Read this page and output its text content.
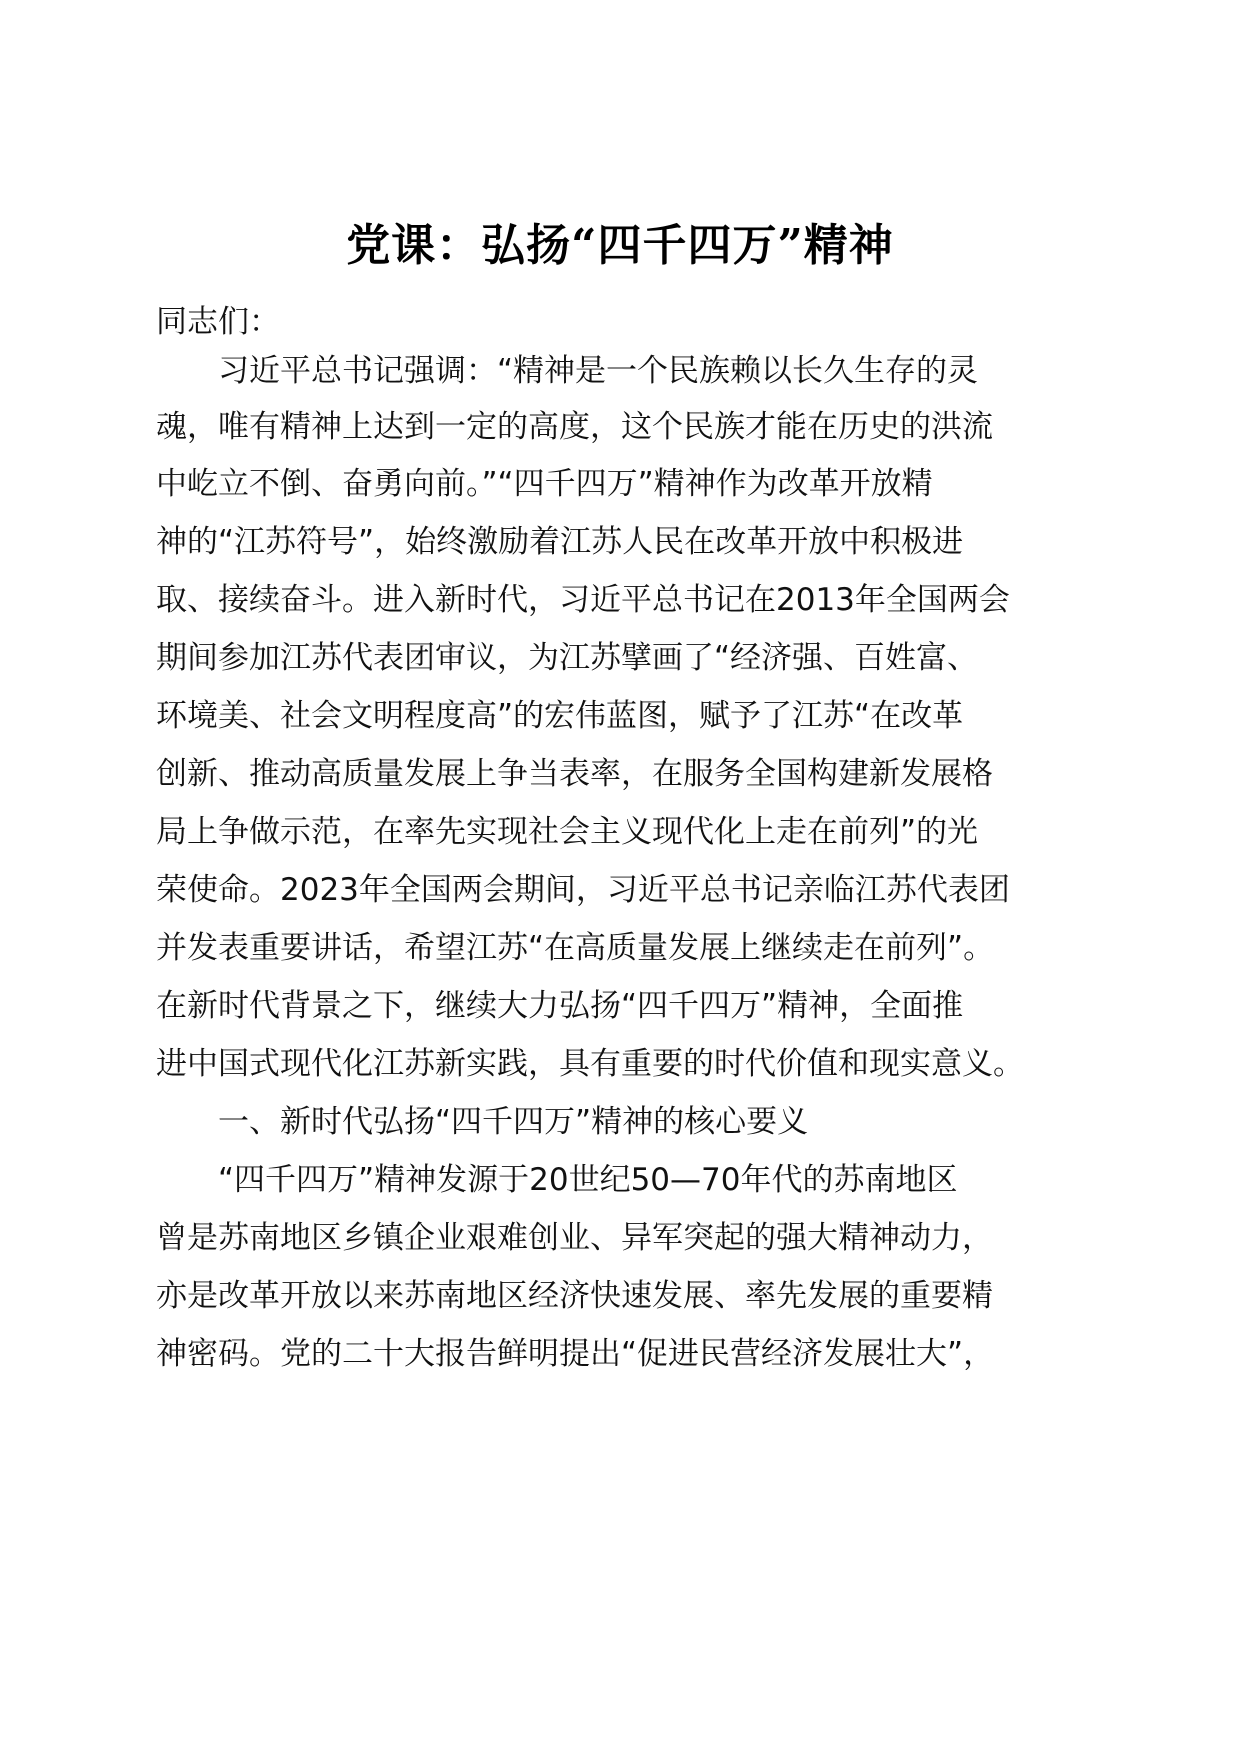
党课：弘扬“四千四万”精神
同志们：
习近平总书记强调：“精神是一个民族赖以长久生存的灵
魂，唯有精神上达到一定的高度，这个民族才能在历史的洪流
中屹立不倒、奋勇向前。”“四千四万”精神作为改革开放精
神的“江苏符号”，始终激励着江苏人民在改革开放中积极进
取、接续奋斗。进入新时代，习近平总书记在2013年全国两会
期间参加江苏代表团审议，为江苏擘画了“经济强、百姓富、
环境美、社会文明程度高”的宏伟蓝图，赋予了江苏“在改革
创新、推动高质量发展上争当表率，在服务全国构建新发展格
局上争做示范，在率先实现社会主义现代化上走在前列”的光
荣使命。2023年全国两会期间，习近平总书记亲临江苏代表团
并发表重要讲话，希望江苏“在高质量发展上继续走在前列”。
在新时代背景之下，继续大力弘扬“四千四万”精神，全面推
进中国式现代化江苏新实践，具有重要的时代价值和现实意义。
一、新时代弘扬“四千四万”精神的核心要义
“四千四万”精神发源于20世纪50—70年代的苏南地区
曾是苏南地区乡镇企业艰难创业、异军突起的强大精神动力，
亦是改革开放以来苏南地区经济快速发展、率先发展的重要精
神密码。党的二十大报告鲜明提出“促进民营经济发展壮大”，
